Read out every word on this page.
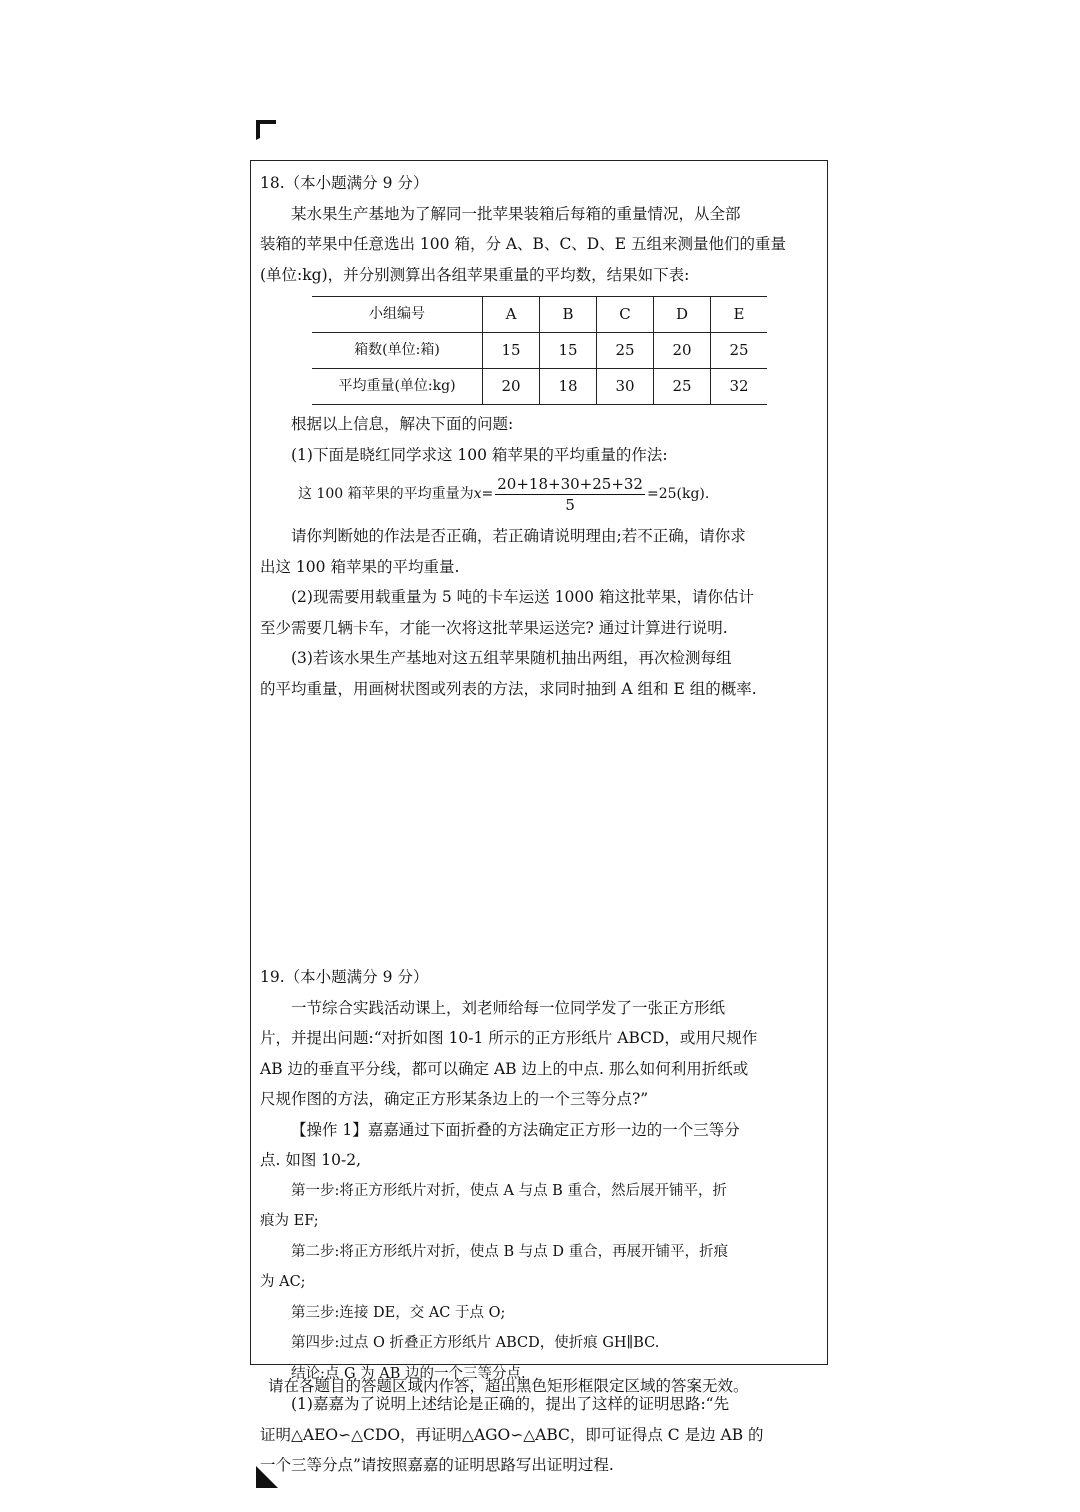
18.（本小题满分 9 分）

某水果生产基地为了解同一批苹果装箱后每箱的重量情况，从全部

装箱的苹果中任意选出 100 箱，分 A、B、C、D、E 五组来测量他们的重量

(单位:kg)，并分别测算出各组苹果重量的平均数，结果如下表:

小组编号	A	B	C	D	E
箱数(单位:箱)	15	15	25	20	25
平均重量(单位:kg)	20	18	30	25	32

根据以上信息，解决下面的问题:

(1)下面是晓红同学求这 100 箱苹果的平均重量的作法:

这 100 箱苹果的平均重量为 $x = \frac{20+18+30+25+32}{5} =25(kg)$.

请你判断她的作法是否正确，若正确请说明理由;若不正确，请你求

出这 100 箱苹果的平均重量.

(2)现需要用载重量为 5 吨的卡车运送 1000 箱这批苹果，请你估计

至少需要几辆卡车，才能一次将这批苹果运送完? 通过计算进行说明.

(3)若该水果生产基地对这五组苹果随机抽出两组，再次检测每组

的平均重量，用画树状图或列表的方法，求同时抽到 A 组和 E 组的概率.

19.（本小题满分 9 分）

一节综合实践活动课上，刘老师给每一位同学发了一张正方形纸

片，并提出问题:“对折如图 10-1 所示的正方形纸片 ABCD，或用尺规作

AB 边的垂直平分线，都可以确定 AB 边上的中点. 那么如何利用折纸或

尺规作图的方法，确定正方形某条边上的一个三等分点?”

【操作 1】嘉嘉通过下面折叠的方法确定正方形一边的一个三等分

点. 如图 10-2,

第一步:将正方形纸片对折，使点 A 与点 B 重合，然后展开铺平，折

痕为 EF;

第二步:将正方形纸片对折，使点 B 与点 D 重合，再展开铺平，折痕

为 AC;

第三步:连接 DE，交 AC 于点 O;

第四步:过点 O 折叠正方形纸片 ABCD，使折痕 GH∥BC.

结论:点 G 为 AB 边的一个三等分点.

(1)嘉嘉为了说明上述结论是正确的，提出了这样的证明思路:“先

证明△AEO∽△CDO，再证明△AGO∽△ABC，即可证得点 C 是边 AB 的

一个三等分点”请按照嘉嘉的证明思路写出证明过程.

请在各题目的答题区域内作答，超出黑色矩形框限定区域的答案无效。
